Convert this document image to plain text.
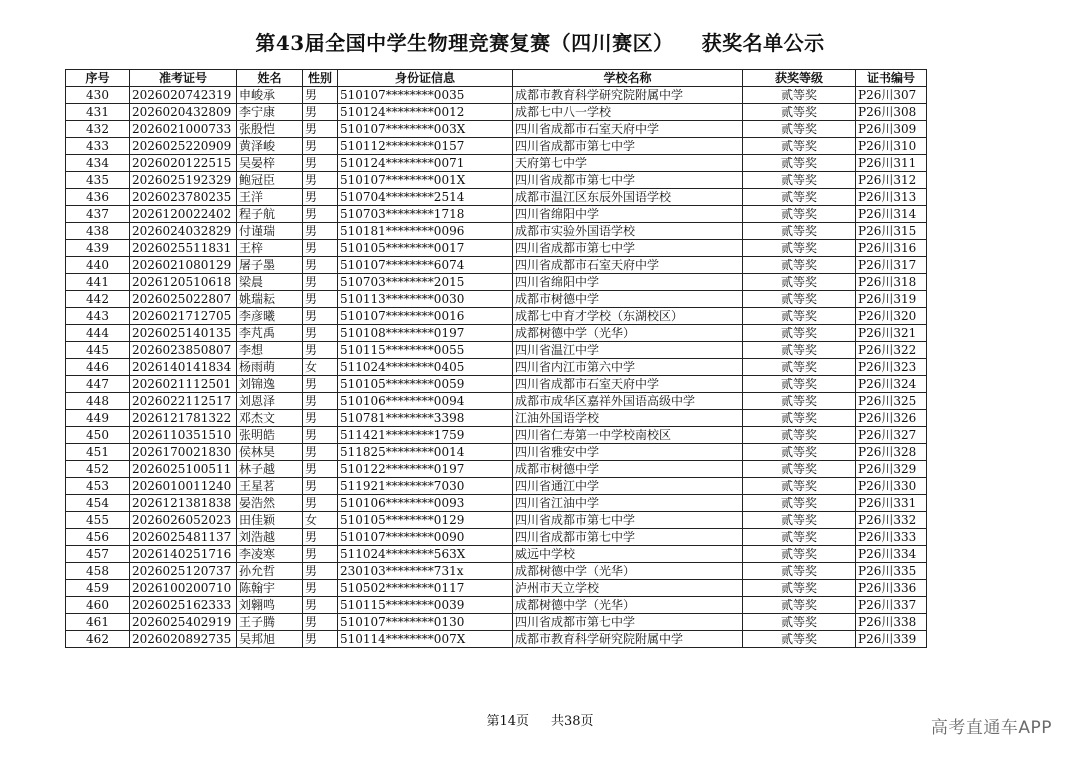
第43届全国中学生物理竞赛复赛（四川赛区） 获奖名单公示
序号	准考证号	姓名	性别	身份证信息	学校名称	获奖等级	证书编号
430	2026020742319	申峻承	男	510107********0035	成都市教育科学研究院附属中学	贰等奖	P26川307
431	2026020432809	李宁康	男	510124********0012	成都七中八一学校	贰等奖	P26川308
432	2026021000733	张殷恺	男	510107********003X	四川省成都市石室天府中学	贰等奖	P26川309
433	2026025220909	黄泽峻	男	510112********0157	四川省成都市第七中学	贰等奖	P26川310
434	2026020122515	吴晏梓	男	510124********0071	天府第七中学	贰等奖	P26川311
435	2026025192329	鲍冠臣	男	510107********001X	四川省成都市第七中学	贰等奖	P26川312
436	2026023780235	王洋	男	510704********2514	成都市温江区东辰外国语学校	贰等奖	P26川313
437	2026120022402	程子航	男	510703********1718	四川省绵阳中学	贰等奖	P26川314
438	2026024032829	付谨瑞	男	510181********0096	成都市实验外国语学校	贰等奖	P26川315
439	2026025511831	王梓	男	510105********0017	四川省成都市第七中学	贰等奖	P26川316
440	2026021080129	屠子墨	男	510107********6074	四川省成都市石室天府中学	贰等奖	P26川317
441	2026120510618	梁晨	男	510703********2015	四川省绵阳中学	贰等奖	P26川318
442	2026025022807	姚瑞耘	男	510113********0030	成都市树德中学	贰等奖	P26川319
443	2026021712705	李彦曦	男	510107********0016	成都七中育才学校（东湖校区）	贰等奖	P26川320
444	2026025140135	李芃禹	男	510108********0197	成都树德中学（光华）	贰等奖	P26川321
445	2026023850807	李想	男	510115********0055	四川省温江中学	贰等奖	P26川322
446	2026140141834	杨雨萌	女	511024********0405	四川省内江市第六中学	贰等奖	P26川323
447	2026021112501	刘锦逸	男	510105********0059	四川省成都市石室天府中学	贰等奖	P26川324
448	2026022112517	刘恩泽	男	510106********0094	成都市成华区嘉祥外国语高级中学	贰等奖	P26川325
449	2026121781322	邓杰文	男	510781********3398	江油外国语学校	贰等奖	P26川326
450	2026110351510	张明皓	男	511421********1759	四川省仁寿第一中学校南校区	贰等奖	P26川327
451	2026170021830	侯林昊	男	511825********0014	四川省雅安中学	贰等奖	P26川328
452	2026025100511	林子越	男	510122********0197	成都市树德中学	贰等奖	P26川329
453	2026010011240	王星茗	男	511921********7030	四川省通江中学	贰等奖	P26川330
454	2026121381838	晏浩然	男	510106********0093	四川省江油中学	贰等奖	P26川331
455	2026026052023	田佳颖	女	510105********0129	四川省成都市第七中学	贰等奖	P26川332
456	2026025481137	刘浩越	男	510107********0090	四川省成都市第七中学	贰等奖	P26川333
457	2026140251716	李凌寒	男	511024********563X	威远中学校	贰等奖	P26川334
458	2026025120737	孙允哲	男	230103********731x	成都树德中学（光华）	贰等奖	P26川335
459	2026100200710	陈翰宇	男	510502********0117	泸州市天立学校	贰等奖	P26川336
460	2026025162333	刘翱鸣	男	510115********0039	成都树德中学（光华）	贰等奖	P26川337
461	2026025402919	王子腾	男	510107********0130	四川省成都市第七中学	贰等奖	P26川338
462	2026020892735	吴邦旭	男	510114********007X	成都市教育科学研究院附属中学	贰等奖	P26川339
第14页 共38页	高考直通车APP
